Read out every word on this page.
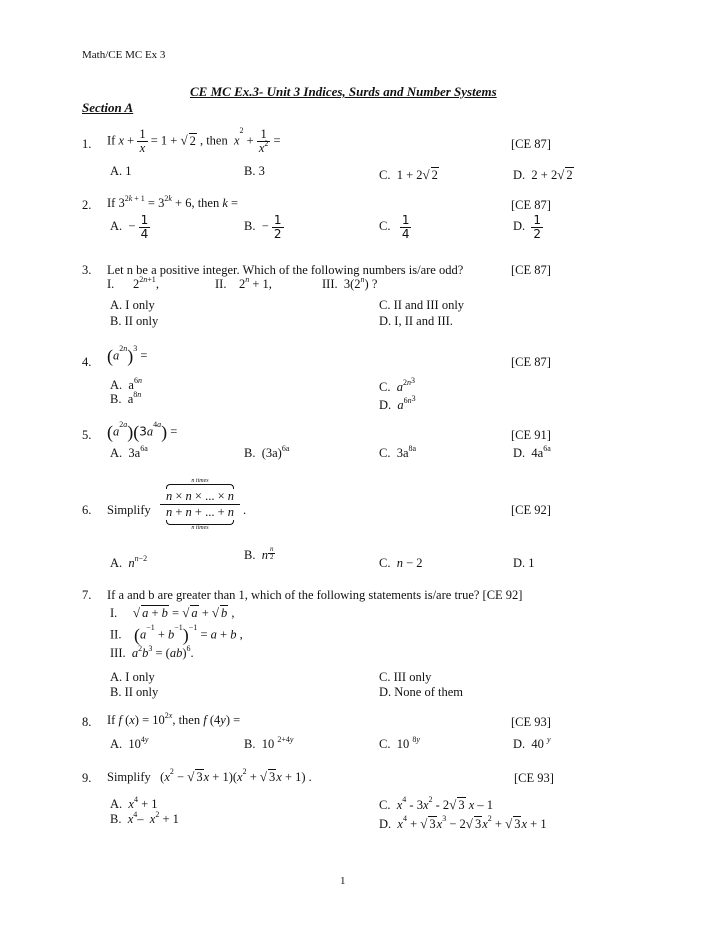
Math/CE MC Ex 3
CE MC Ex.3- Unit 3 Indices, Surds and Number Systems
Section A
1. If $x + \frac{1}{x} = 1$ + √ 2 , then  $x^2 + \frac{1}{x^2}$ =	[CE 87]
A. 1	B. 3	C.  1 + 2√ 2	D.  2 + 2√ 2
2. If $3^{2k + 1} = 3^{2k} + 6$, then k =	[CE 87]
A.  − $\frac{1}{4}$	B.  − $\frac{1}{2}$	C. $\frac{1}{4}$	D. $\frac{1}{2}$
3. Let n be a positive integer. Which of the following numbers is/are odd?	[CE 87]
I.      $2^{2n+1}$,	II.    $2^n + 1$,	III.  3(2$^n$) ?
A. I only
B. II only
C. II and III only
D. I, II and III.
4. $(a^{2n})^3$ =	[CE 87]
A.  $a^{6n}$
B.  $a^{8n}$
C. $a^{2n^3}$
D. $a^{6n^3}$
5. $(a^{2a})(3a^{4a})$ =	[CE 91]
A.  $3a^{6a}$	B.  $(3a)^{6a}$	C.  $3a^{8a}$	D.  $4a^{6a}$
6. Simplify
n times
n × n × ... × n
n + n + ... + n
n times
.	[CE 92]
A. $n^{n-2}$	B. n $^{\frac{n}{2}}$
C. n − 2	D. 1
7. If a and b are greater than 1, which of the following statements is/are true? [CE 92]
I.     √ a + b = √ a + √ b ,
II.    $(a^{-1} + b^{-1})^{-1} = a + b$ ,
III.  $a^2b^3 = (ab)^6$.
A. I only
B. II only
C. III only
D. None of them
8. If f $(x) = 10^{2x}$, then f (4y) =	[CE 93]
A.  $10^{4y}$	B.  10 $^{2+4y}$	C.  10 $^{8y}$	D.  40 $^y$
9. Simplify   ($x^2$ − √ $3x + 1)(x^2$ + √ 3x + 1) .	[CE 93]
A. $x^4 + 1$
B. $x^4-$  $x^2 + 1$
C. $x^4 - 3x^2 - 2√$ 3 x – 1
D. $x^4$ + √ $3x^3 - 2√$ $3x^2$ + √ 3x + 1
1
